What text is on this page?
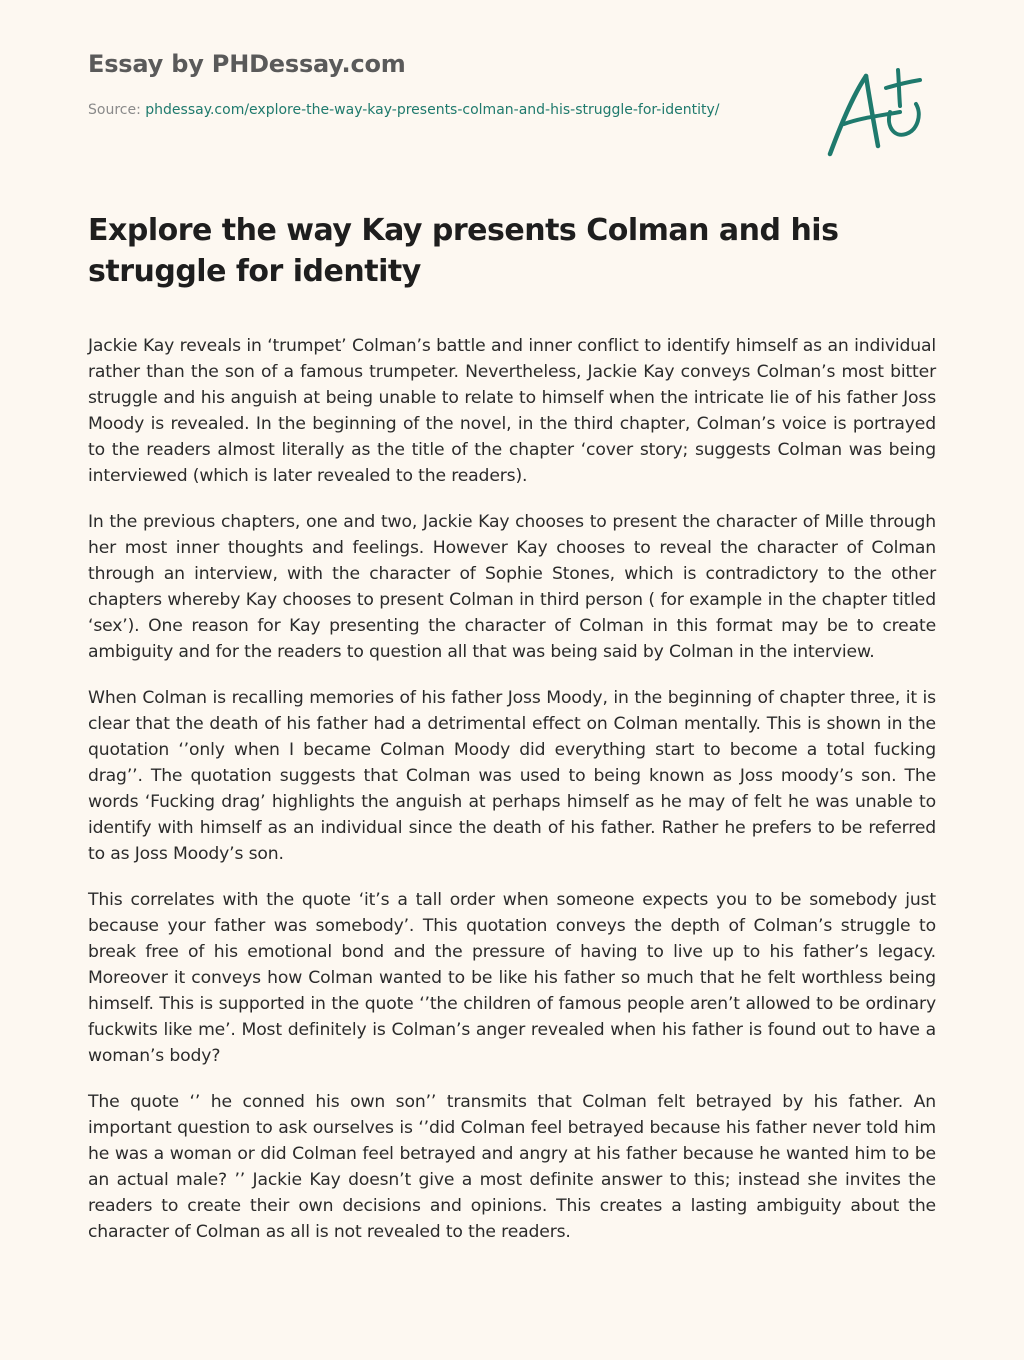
Essay by PHDessay.com
Source: phdessay.com/explore-the-way-kay-presents-colman-and-his-struggle-for-identity/
Explore the way Kay presents Colman and his struggle for identity

Jackie Kay reveals in ‘trumpet’ Colman’s battle and inner conflict to identify himself as an individual rather than the son of a famous trumpeter. Nevertheless, Jackie Kay conveys Colman’s most bitter struggle and his anguish at being unable to relate to himself when the intricate lie of his father Joss Moody is revealed. In the beginning of the novel, in the third chapter, Colman’s voice is portrayed to the readers almost literally as the title of the chapter ‘cover story; suggests Colman was being interviewed (which is later revealed to the readers).

In the previous chapters, one and two, Jackie Kay chooses to present the character of Mille through her most inner thoughts and feelings. However Kay chooses to reveal the character of Colman through an interview, with the character of Sophie Stones, which is contradictory to the other chapters whereby Kay chooses to present Colman in third person ( for example in the chapter titled ‘sex’). One reason for Kay presenting the character of Colman in this format may be to create ambiguity and for the readers to question all that was being said by Colman in the interview.

When Colman is recalling memories of his father Joss Moody, in the beginning of chapter three, it is clear that the death of his father had a detrimental effect on Colman mentally. This is shown in the quotation ‘’only when I became Colman Moody did everything start to become a total fucking drag’’. The quotation suggests that Colman was used to being known as Joss moody’s son. The words ‘Fucking drag’ highlights the anguish at perhaps himself as he may of felt he was unable to identify with himself as an individual since the death of his father. Rather he prefers to be referred to as Joss Moody’s son.

This correlates with the quote ‘it’s a tall order when someone expects you to be somebody just because your father was somebody’. This quotation conveys the depth of Colman’s struggle to break free of his emotional bond and the pressure of having to live up to his father’s legacy. Moreover it conveys how Colman wanted to be like his father so much that he felt worthless being himself. This is supported in the quote ‘’the children of famous people aren’t allowed to be ordinary fuckwits like me’. Most definitely is Colman’s anger revealed when his father is found out to have a woman’s body?

The quote ‘’ he conned his own son’’ transmits that Colman felt betrayed by his father. An important question to ask ourselves is ‘’did Colman feel betrayed because his father never told him he was a woman or did Colman feel betrayed and angry at his father because he wanted him to be an actual male? ’’ Jackie Kay doesn’t give a most definite answer to this; instead she invites the readers to create their own decisions and opinions. This creates a lasting ambiguity about the character of Colman as all is not revealed to the readers.
